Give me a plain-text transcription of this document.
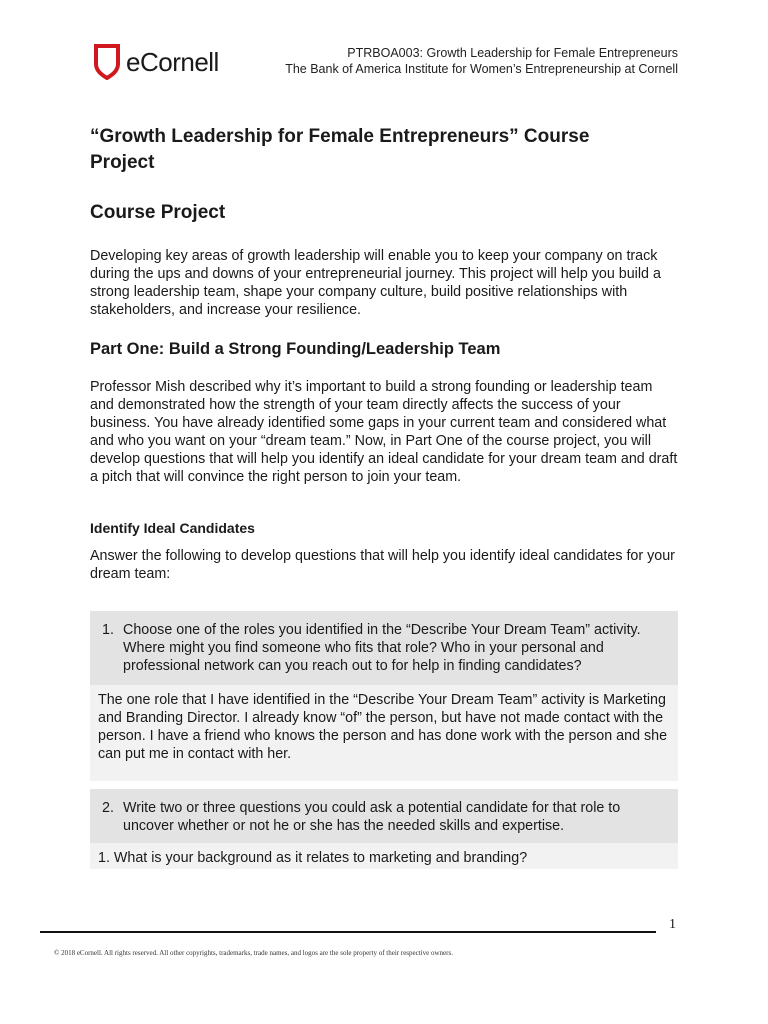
eCornell	PTRBOA003: Growth Leadership for Female Entrepreneurs
The Bank of America Institute for Women’s Entrepreneurship at Cornell
“Growth Leadership for Female Entrepreneurs” Course Project
Course Project

Developing key areas of growth leadership will enable you to keep your company on track during the ups and downs of your entrepreneurial journey. This project will help you build a strong leadership team, shape your company culture, build positive relationships with stakeholders, and increase your resilience.

Part One: Build a Strong Founding/Leadership Team

Professor Mish described why it’s important to build a strong founding or leadership team and demonstrated how the strength of your team directly affects the success of your business. You have already identified some gaps in your current team and considered what and who you want on your “dream team.” Now, in Part One of the course project, you will develop questions that will help you identify an ideal candidate for your dream team and draft a pitch that will convince the right person to join your team.

Identify Ideal Candidates

Answer the following to develop questions that will help you identify ideal candidates for your dream team:

1. Choose one of the roles you identified in the “Describe Your Dream Team” activity. Where might you find someone who fits that role? Who in your personal and professional network can you reach out to for help in finding candidates?
The one role that I have identified in the “Describe Your Dream Team” activity is Marketing and Branding Director. I already know “of” the person, but have not made contact with the person. I have a friend who knows the person and has done work with the person and she can put me in contact with her.
2. Write two or three questions you could ask a potential candidate for that role to uncover whether or not he or she has the needed skills and expertise.
1. What is your background as it relates to marketing and branding?
1
© 2018 eCornell. All rights reserved. All other copyrights, trademarks, trade names, and logos are the sole property of their respective owners.
